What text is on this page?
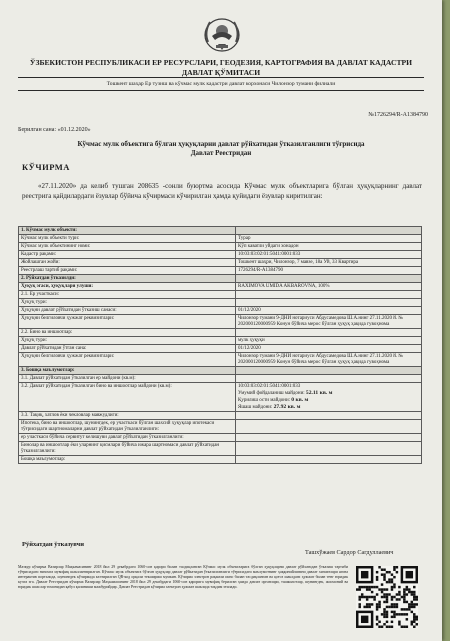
ЎЗБЕКИСТОН РЕСПУБЛИКАСИ ЕР РЕСУРСЛАРИ, ГЕОДЕЗИЯ, КАРТОГРАФИЯ ВА ДАВЛАТ КАДАСТРИ
ДАВЛАТ ҚЎМИТАСИ
Тошкент шаҳар Ер тузиш ва кўчмас мулк кадастри давлат корхонаси Чилонзор тумани филиали
№1726294/R-A1384790
Берилган сана: «01.12.2020»
Кўчмас мулк объектига бўлган ҳуқуқларни давлат рўйхатидан ўтказилганлиги тўғрисида
Давлат Реестридан
КЎЧИРМА
«27.11.2020» да келиб тушган 208635 -сонли буюртма асосида Кўчмас мулк объектларига бўлган ҳуқуқларнинг давлат реестрига қайдилардаги ёзувлар бўйича кўчирмаси кўчирилган ҳамда қуйидаги ёзувлар киритилган:
1. Кўчмас мулк объекти:	
Кўчмас мулк объекти тури:	Турар
Кўчмас мулк объектининг номи:	Кўп каватли уйдаги хонадон
Кадастр рақами:	10:03:03:02:01:5041:0001:033
Жойлашган жойи:	Тошкент шаҳри, Чилонзор, 7 мавзе, 18а Уй, 33 Квартира
Реестрлаш тартиб рақами:	1726294/R-A1384790
2. Рўйхатдан ўтказилди:	
Ҳуқуқ эгаси, ҳуқуқлари улуши:	RAXIMOVA UMIDA AKBAROVNA, 100%
2.1. Ер участкаси:	
Ҳуқуқ тури:	
Ҳуқуқни давлат рўйхатидан ўтказиш санаси:	01/12/2020
Ҳуқуқни белгиловчи ҳужжат реквизитлари:	Чилонзор тумани 9-ДНИ нотариуси Абдусамедова Ш.А.нинг 27.11.2020 й. № 202000120000959 Конун бўйича мерос бўлган ҳуқуқ ҳақида гувоҳнома
2.2. Бино ва иншоотлар:	
Ҳуқуқ тури:	мулк ҳуқуқи
Давлат рўйхатидан ўтган сана:	01/12/2020
Ҳуқуқни белгиловчи ҳужжат реквизитлари:	Чилонзор тумани 9-ДНИ нотариуси Абдусамедова Ш.А.нинг 27.11.2020 й. № 202000120000959 Конун бўйича мерос бўлган ҳуқуқ ҳақида гувоҳнома
3. Бошқа маълумотлар:	
3.1. Давлат рўйхатидан ўтказилган ер майдони (кв.м):	
3.2. Давлат рўйхатидан ўтказилган бино ва иншоотлар майдони (кв.м):	10:03:03:02:01:5041:0001:033
Умумий фойдаланиш майдони: 52.11 кв. м
Қурилиш ости майдони: 0 кв. м
Яшаш майдони: 27.92 кв. м

3.3. Тақиқ, хатлов ёки чекловлар мавжудлиги:	
Ипотека, бино ва иншоотлар, шунингдек, ер участкаси бўлган шахсий ҳуқуқлар ипотекаси тўғрисидаги шартномаларни давлат рўйхатидан ўтказилганлиги:	
ер участкаси бўйича сервитут келишуви давлат рўйхатидан ўтказилганлиги:	
Бинолар ва иншоотлар ёки уларнинг қисмлари бўйича ижара шартномаси давлат рўйхатидан ўтказилганлиги:	
Бошқа маълумотлар:	
Рўйхатдан ўтказувчи
Ташхўжаев Сардор Сагдуллаевич
Мазкур кўчирма Вазирлар Маҳкамасининг 2018 йил 29 декабрдаги 1060-сон қарори билан тасдиқланган Кўчмас мулк объектларига бўлган ҳуқуқларни давлат рўйхатидан ўтказиш тартиби тўғрисидаги низомга мувофиқ шакллантирилган. Кўчмас мулк объектига бўлган ҳуқуқлар давлат рўйхатидан ўтказилганлиги тўғрисидаги маълумотнинг ҳаққонийлигини давлат хизматлари ягона интерактив порталида, шунингдек кўчирмада келтирилган QR-код орқали текшириш мумкин. Кўчирма электрон рақамли имзо билан тасдиқланган ва қоғоз шаклдаги ҳужжат билан тенг юридик кучга эга. Давлат Реестридан кўчирма Вазирлар Маҳкамасининг 2018 йил 29 декабрдаги 1060-сон қарорига мувофиқ берилган ҳамда давлат органлари, ташкилотлар, шунингдек, жисмоний ва юридик шахслар томонидан қабул қилиниши мажбурийдир. Давлат Реестридан кўчирма электрон ҳужжат шаклида тақдим этилади.
